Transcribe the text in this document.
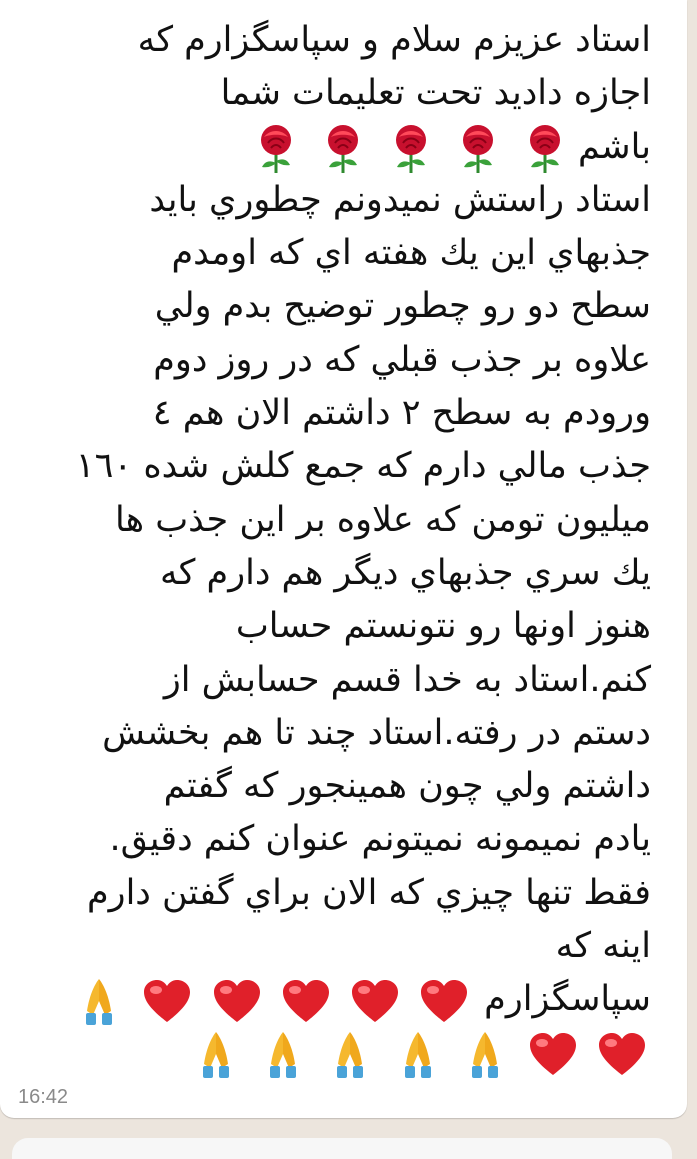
استاد عزیزم سلام و سپاسگزارم که
اجازه دادید تحت تعلیمات شما
باشم
استاد راستش نمیدونم چطوري باید
جذبهاي این يك هفته اي که اومدم
سطح دو رو چطور توضیح بدم ولي
علاوه بر جذب قبلي که در روز دوم
ورودم به سطح ۲ داشتم الان هم ٤
جذب مالي دارم که جمع کلش شده ١٦٠
میلیون تومن که علاوه بر این جذب ها
يك سري جذبهاي ديگر هم دارم که
هنوز اونها رو نتونستم حساب
کنم.استاد به خدا قسم حسابش از
دستم در رفته.استاد چند تا هم بخشش
داشتم ولي چون همینجور که گفتم
یادم نمیمونه نمیتونم عنوان کنم دقیق.
فقط تنها چیزي که الان براي گفتن دارم
اینه که
سپاسگزارم

16:42
